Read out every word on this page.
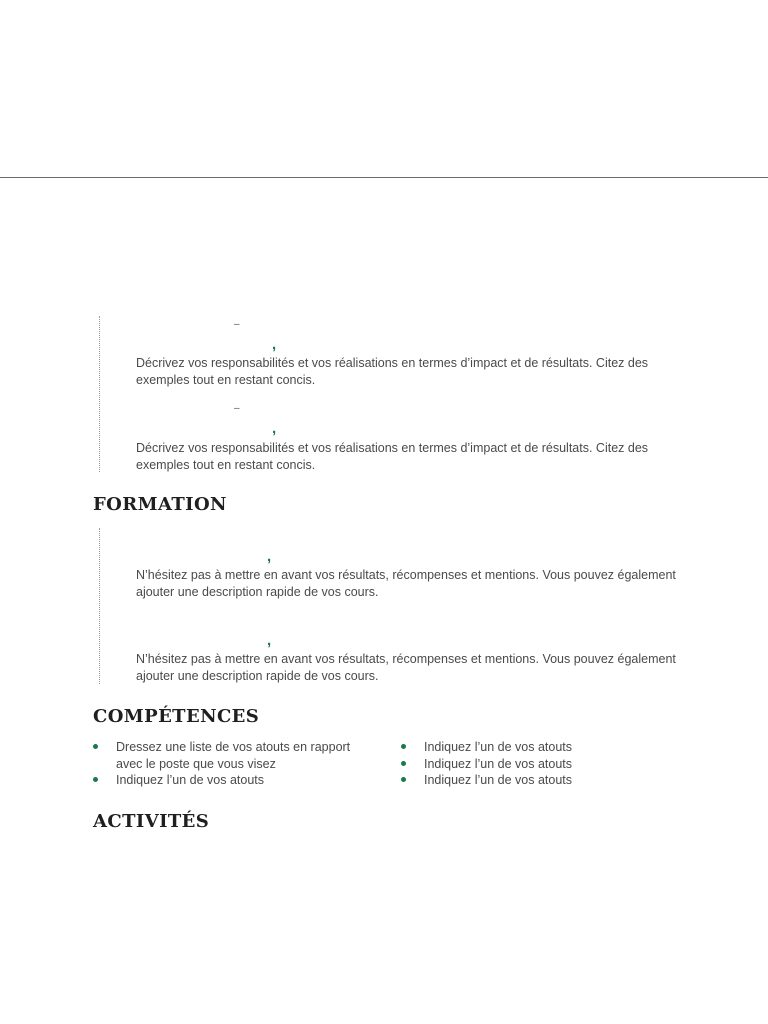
–
,

Décrivez vos responsabilités et vos réalisations en termes d’impact et de résultats. Citez des exemples tout en restant concis.

–
,

Décrivez vos responsabilités et vos réalisations en termes d’impact et de résultats. Citez des exemples tout en restant concis.

FORMATION
,

N’hésitez pas à mettre en avant vos résultats, récompenses et mentions. Vous pouvez également ajouter une description rapide de vos cours.

,

N’hésitez pas à mettre en avant vos résultats, récompenses et mentions. Vous pouvez également ajouter une description rapide de vos cours.

COMPÉTENCES
Dressez une liste de vos atouts en rapport avec le poste que vous visez
Indiquez l’un de vos atouts
Indiquez l’un de vos atouts
Indiquez l’un de vos atouts
Indiquez l’un de vos atouts
ACTIVITÉS
